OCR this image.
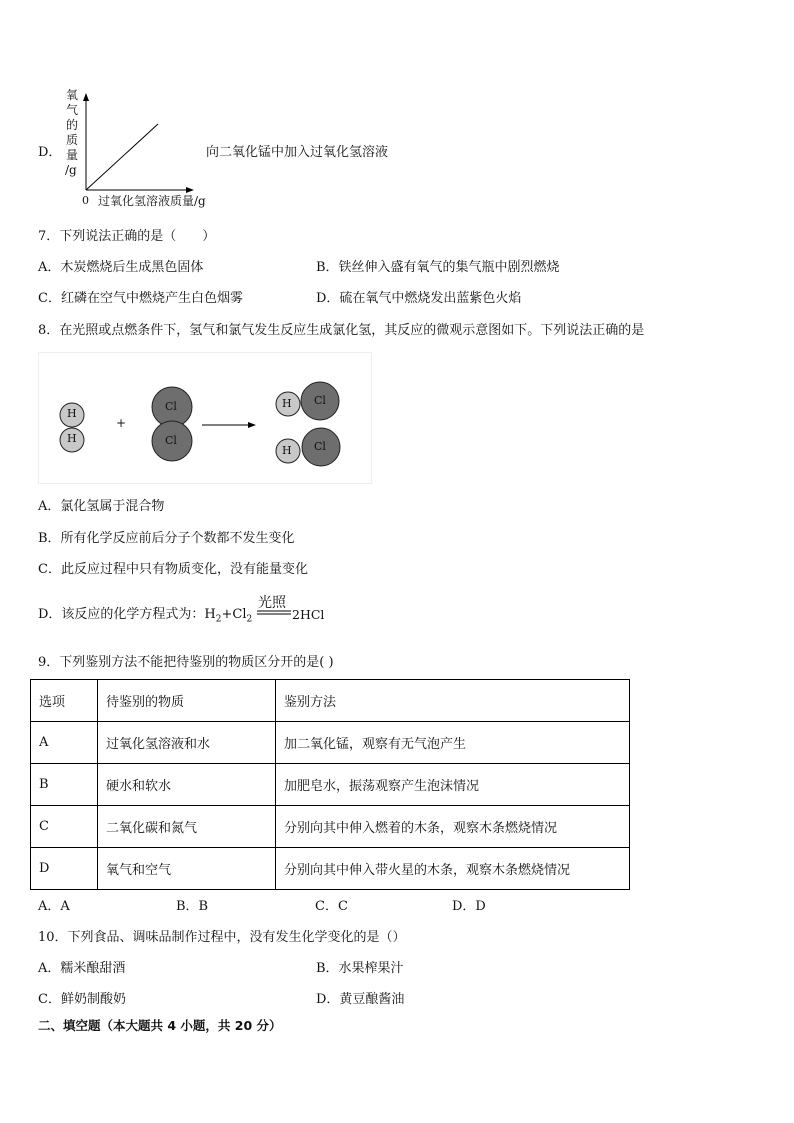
D．
氧
气
的
质
量
/g
0 过氧化氢溶液质量/g
向二氧化锰中加入过氧化氢溶液
7．下列说法正确的是（　　）
A．木炭燃烧后生成黑色固体	B．铁丝伸入盛有氧气的集气瓶中剧烈燃烧
C．红磷在空气中燃烧产生白色烟雾	D．硫在氧气中燃烧发出蓝紫色火焰
8．在光照或点燃条件下，氢气和氯气发生反应生成氯化氢，其反应的微观示意图如下。下列说法正确的是
H
H
+
Cl
Cl
H Cl
H Cl
A．氯化氢属于混合物
B．所有化学反应前后分子个数都不发生变化
C．此反应过程中只有物质变化，没有能量变化
D．该反应的化学方程式为：$H_2+Cl_2$
光照
2HCl
9．下列鉴别方法不能把待鉴别的物质区分开的是( )
选项	待鉴别的物质	鉴别方法
A	过氧化氢溶液和水	加二氧化锰，观察有无气泡产生
B	硬水和软水	加肥皂水，振荡观察产生泡沫情况
C	二氧化碳和氮气	分别向其中伸入燃着的木条，观察木条燃烧情况
D	氧气和空气	分别向其中伸入带火星的木条，观察木条燃烧情况
A．A	B．B	C．C	D．D
10．下列食品、调味品制作过程中，没有发生化学变化的是（）
A．糯米酿甜酒	B．水果榨果汁
C．鲜奶制酸奶	D．黄豆酿酱油
二、填空题（本大题共 4 小题，共 20 分）
